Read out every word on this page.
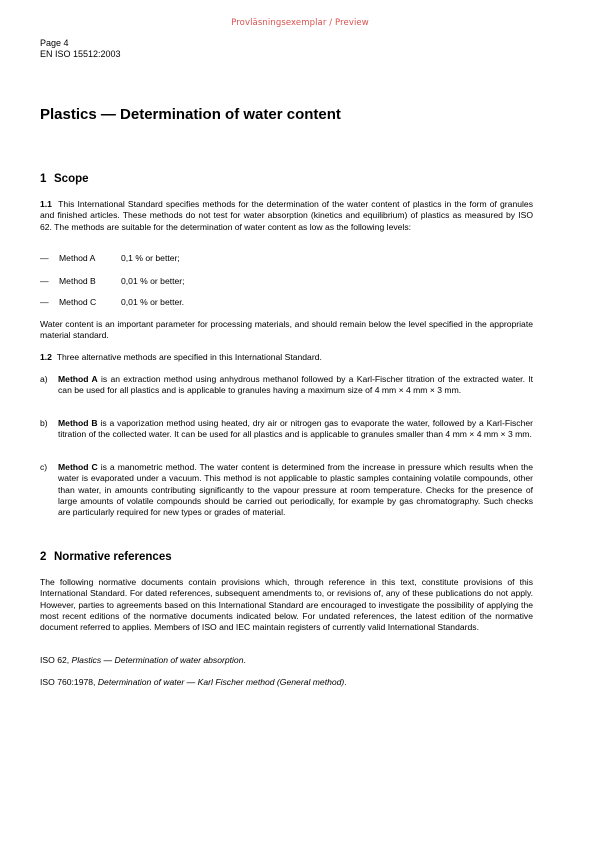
Provläsningsexemplar / Preview
Page 4
EN ISO 15512:2003
Plastics — Determination of water content
1 Scope
1.1 This International Standard specifies methods for the determination of the water content of plastics in the form of granules and finished articles. These methods do not test for water absorption (kinetics and equilibrium) of plastics as measured by ISO 62. The methods are suitable for the determination of water content as low as the following levels:
— Method A	0,1 % or better;
— Method B	0,01 % or better;
— Method C	0,01 % or better.
Water content is an important parameter for processing materials, and should remain below the level specified in the appropriate material standard.
1.2 Three alternative methods are specified in this International Standard.
a) Method A is an extraction method using anhydrous methanol followed by a Karl-Fischer titration of the extracted water. It can be used for all plastics and is applicable to granules having a maximum size of 4 mm × 4 mm × 3 mm.
b) Method B is a vaporization method using heated, dry air or nitrogen gas to evaporate the water, followed by a Karl-Fischer titration of the collected water. It can be used for all plastics and is applicable to granules smaller than 4 mm × 4 mm × 3 mm.
c) Method C is a manometric method. The water content is determined from the increase in pressure which results when the water is evaporated under a vacuum. This method is not applicable to plastic samples containing volatile compounds, other than water, in amounts contributing significantly to the vapour pressure at room temperature. Checks for the presence of large amounts of volatile compounds should be carried out periodically, for example by gas chromatography. Such checks are particularly required for new types or grades of material.
2 Normative references
The following normative documents contain provisions which, through reference in this text, constitute provisions of this International Standard. For dated references, subsequent amendments to, or revisions of, any of these publications do not apply. However, parties to agreements based on this International Standard are encouraged to investigate the possibility of applying the most recent editions of the normative documents indicated below. For undated references, the latest edition of the normative document referred to applies. Members of ISO and IEC maintain registers of currently valid International Standards.
ISO 62, Plastics — Determination of water absorption.
ISO 760:1978, Determination of water — Karl Fischer method (General method).
